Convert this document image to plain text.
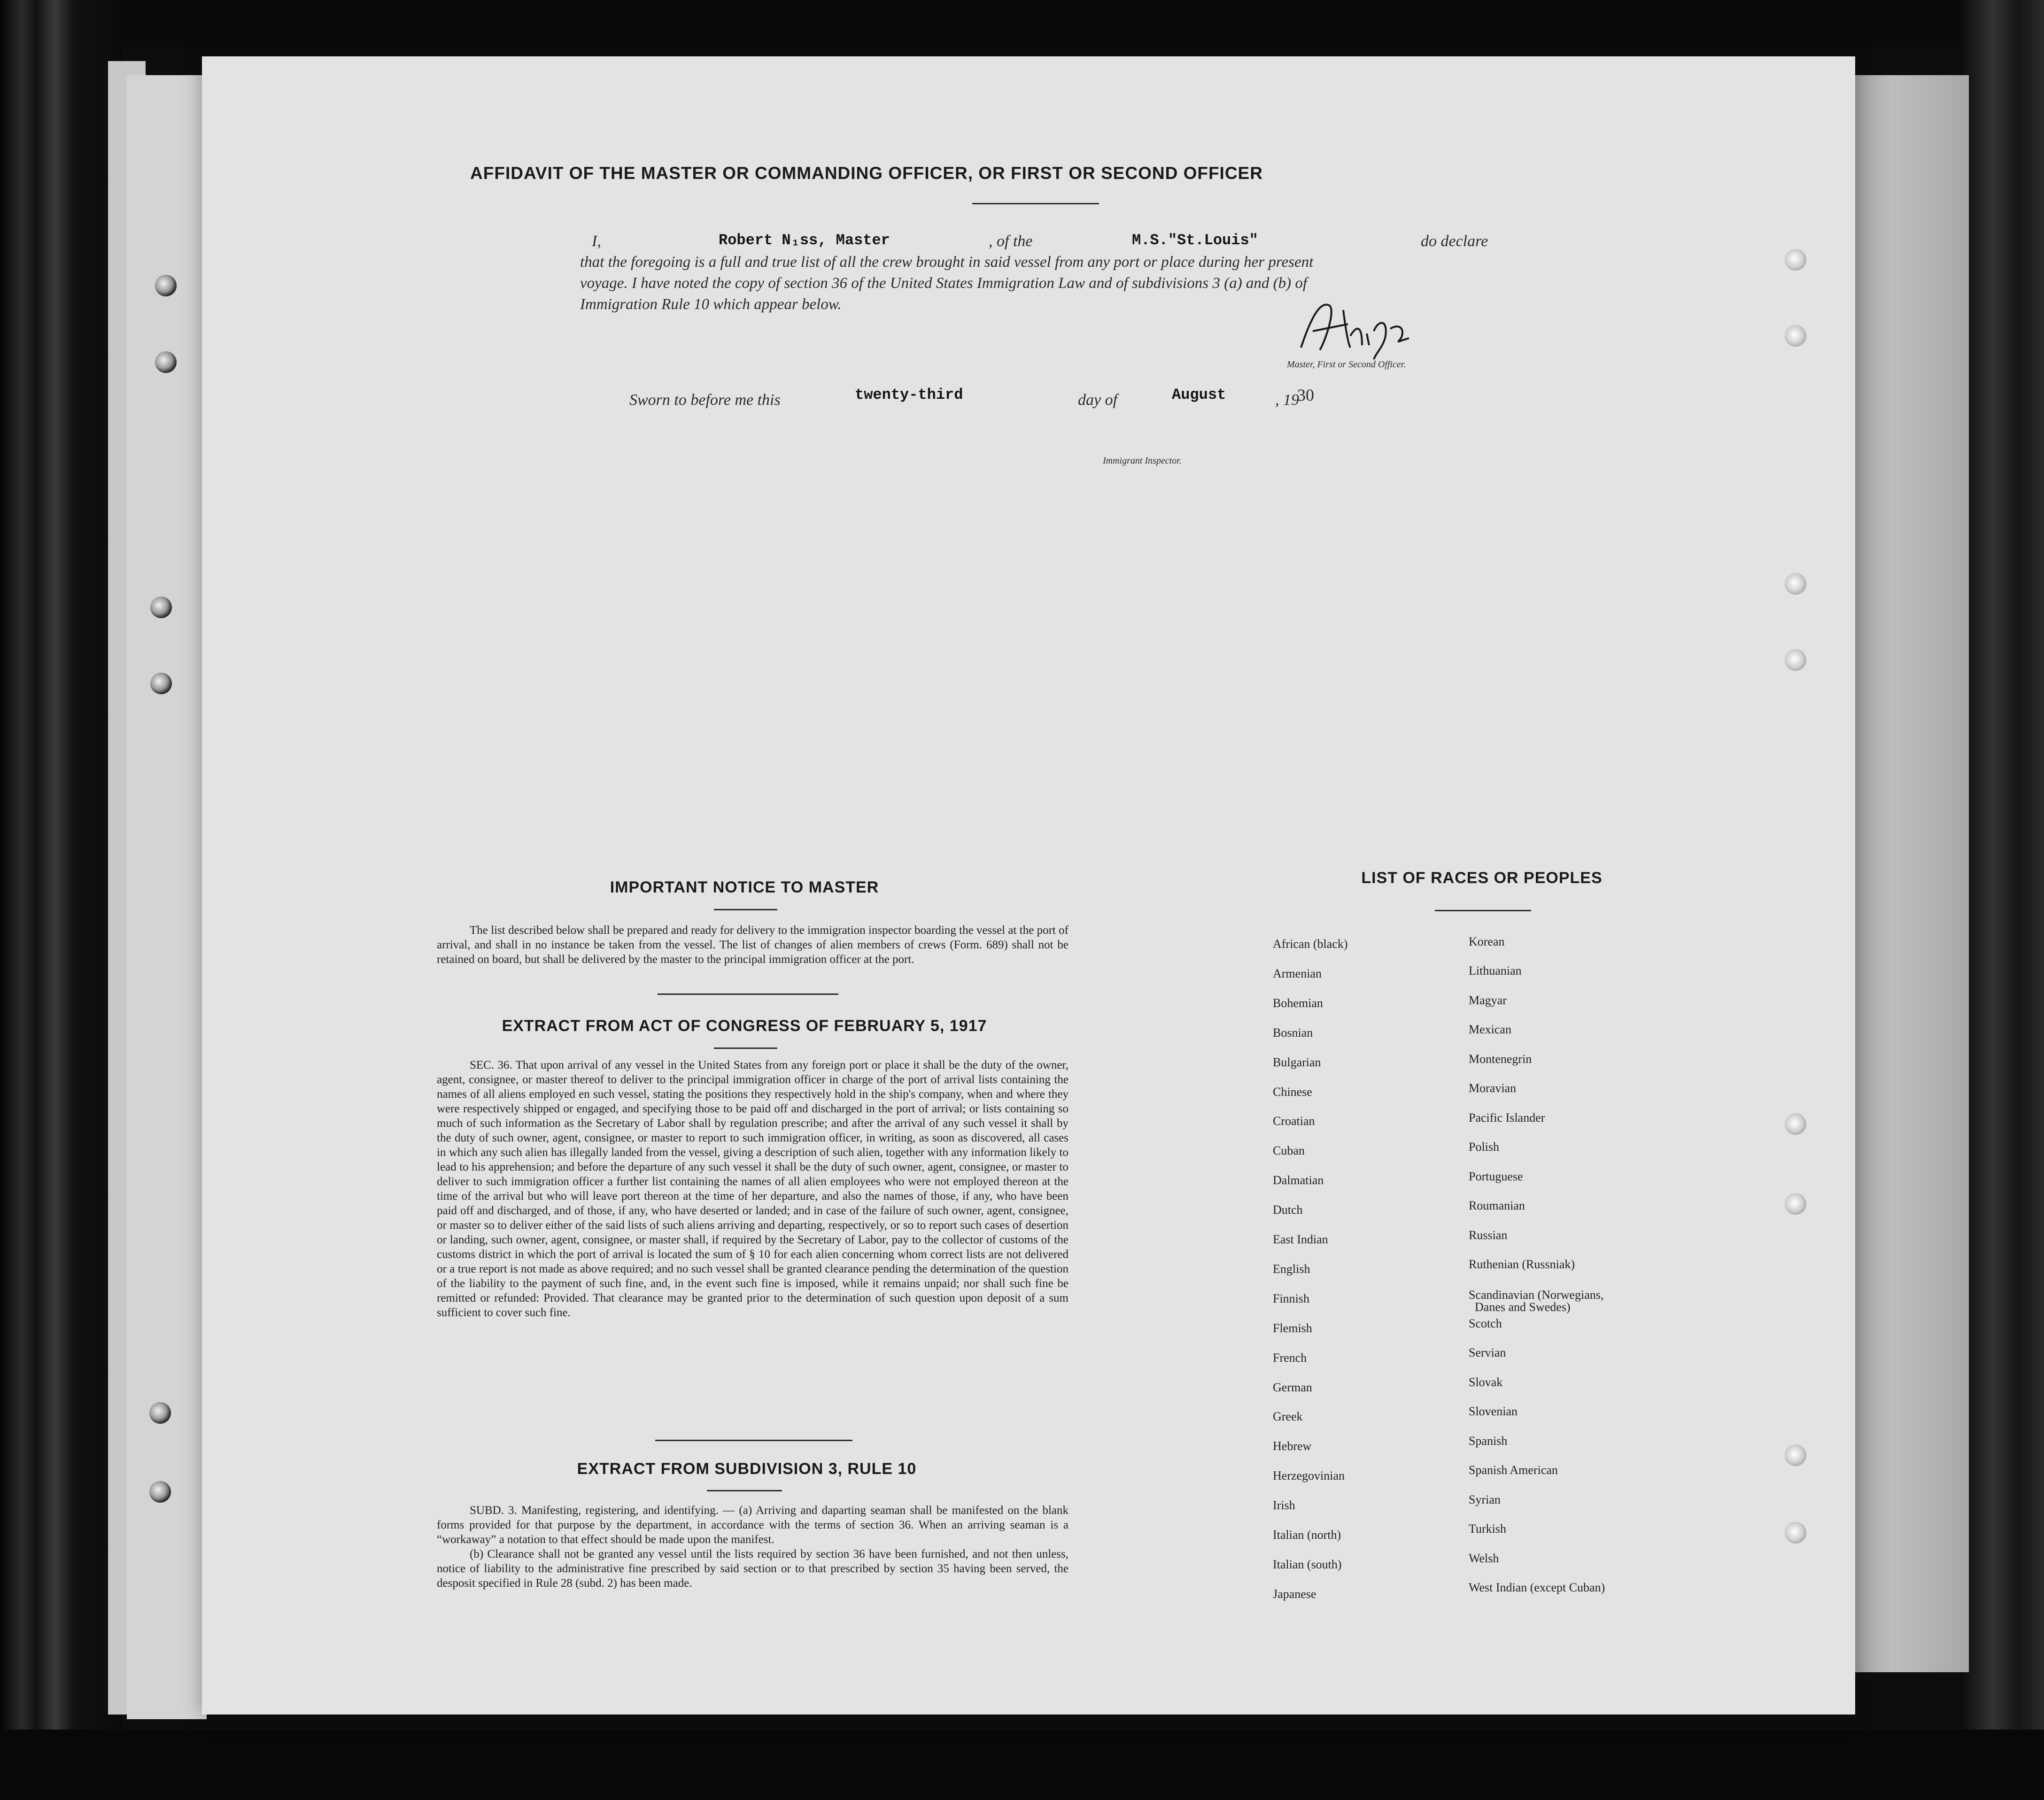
AFFIDAVIT OF THE MASTER OR COMMANDING OFFICER, OR FIRST OR SECOND OFFICER
I,	Robert N₁ss, Master	, of the	M.S."St.Louis"	do declare
that the foregoing is a full and true list of all the crew brought in said vessel from any port or place during her present
voyage. I have noted the copy of section 36 of the United States Immigration Law and of subdivisions 3 (a) and (b) of
Immigration Rule 10 which appear below.
Master, First or Second Officer.
Sworn to before me this	twenty-third	day of	August	, 19
30
Immigrant Inspector.
IMPORTANT NOTICE TO MASTER

The list described below shall be prepared and ready for delivery to the immigration inspector boarding the vessel at the port of arrival, and shall in no instance be taken from the vessel. The list of changes of alien members of crews (Form. 689) shall not be retained on board, but shall be delivered by the master to the principal immigration officer at the port.

EXTRACT FROM ACT OF CONGRESS OF FEBRUARY 5, 1917

SEC. 36. That upon arrival of any vessel in the United States from any foreign port or place it shall be the duty of the owner, agent, consignee, or master thereof to deliver to the principal immigration officer in charge of the port of arrival lists containing the names of all aliens employed en such vessel, stating the positions they respectively hold in the ship's company, when and where they were respectively shipped or engaged, and specifying those to be paid off and discharged in the port of arrival; or lists containing so much of such information as the Secretary of Labor shall by regulation prescribe; and after the arrival of any such vessel it shall by the duty of such owner, agent, consignee, or master to report to such immigration officer, in writing, as soon as discovered, all cases in which any such alien has illegally landed from the vessel, giving a description of such alien, together with any information likely to lead to his apprehension; and before the departure of any such vessel it shall be the duty of such owner, agent, consignee, or master to deliver to such immigration officer a further list containing the names of all alien employees who were not employed thereon at the time of the arrival but who will leave port thereon at the time of her departure, and also the names of those, if any, who have been paid off and discharged, and of those, if any, who have deserted or landed; and in case of the failure of such owner, agent, consignee, or master so to deliver either of the said lists of such aliens arriving and departing, respectively, or so to report such cases of desertion or landing, such owner, agent, consignee, or master shall, if required by the Secretary of Labor, pay to the collector of customs of the customs district in which the port of arrival is located the sum of § 10 for each alien concerning whom correct lists are not delivered or a true report is not made as above required; and no such vessel shall be granted clearance pending the determination of the question of the liability to the payment of such fine, and, in the event such fine is imposed, while it remains unpaid; nor shall such fine be remitted or refunded: Provided. That clearance may be granted prior to the determination of such question upon deposit of a sum sufficient to cover such fine.

EXTRACT FROM SUBDIVISION 3, RULE 10

SUBD. 3. Manifesting, registering, and identifying. — (a) Arriving and daparting seaman shall be manifested on the blank forms provided for that purpose by the department, in accordance with the terms of section 36. When an arriving seaman is a “workaway” a notation to that effect should be made upon the manifest.

(b) Clearance shall not be granted any vessel until the lists required by section 36 have been furnished, and not then unless, notice of liability to the administrative fine prescribed by said section or to that prescribed by section 35 having been served, the desposit specified in Rule 28 (subd. 2) has been made.

LIST OF RACES OR PEOPLES
African (black)
Armenian
Bohemian
Bosnian
Bulgarian
Chinese
Croatian
Cuban
Dalmatian
Dutch
East Indian
English
Finnish
Flemish
French
German
Greek
Hebrew
Herzegovinian
Irish
Italian (north)
Italian (south)
Japanese
Korean
Lithuanian
Magyar
Mexican
Montenegrin
Moravian
Pacific Islander
Polish
Portuguese
Roumanian
Russian
Ruthenian (Russniak)
Scandinavian (Norwegians,
Danes and Swedes)
Scotch
Servian
Slovak
Slovenian
Spanish
Spanish American
Syrian
Turkish
Welsh
West Indian (except Cuban)
